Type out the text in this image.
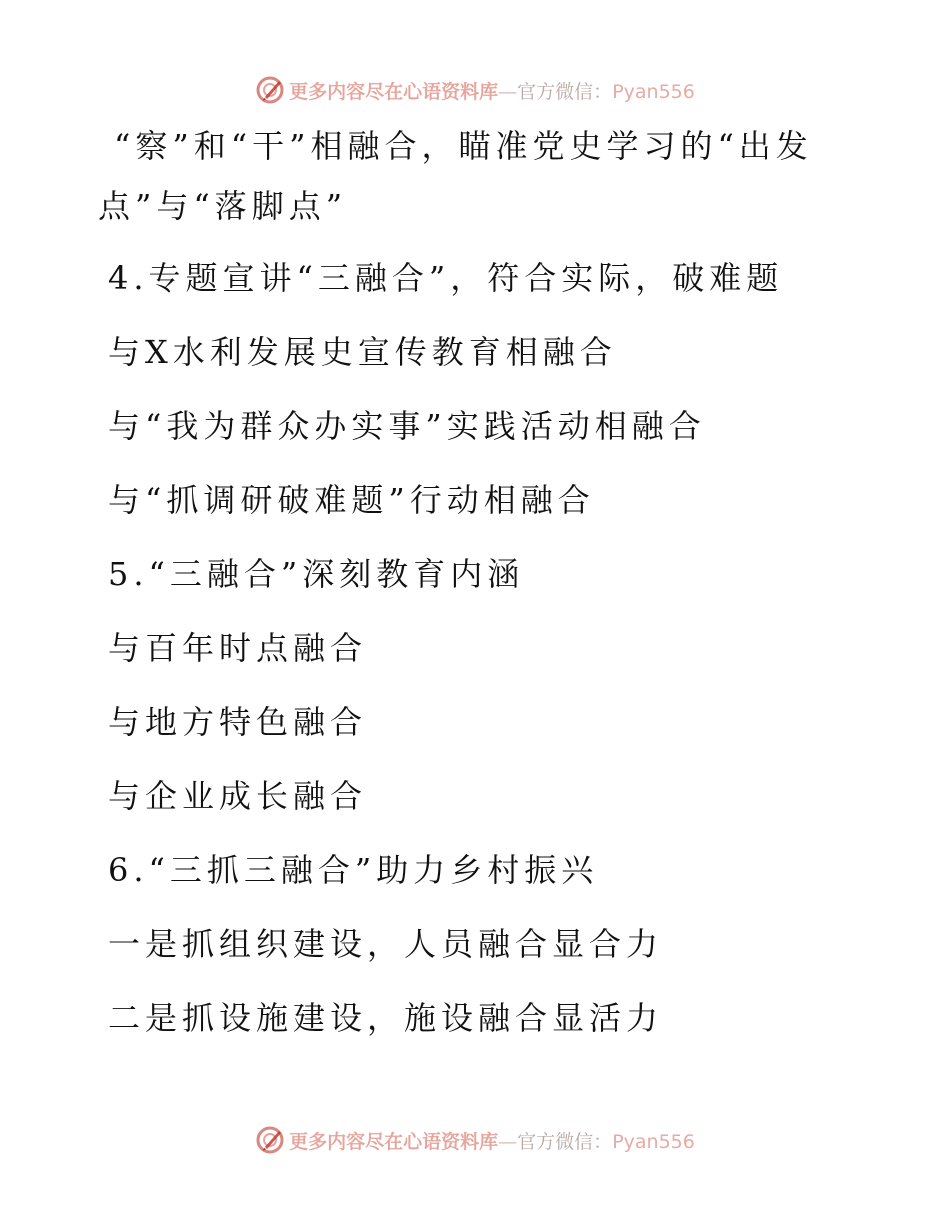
更多内容尽在心语资料库—官方微信：Pyan556
“察”和“干”相融合，瞄准党史学习的“出发
点”与“落脚点”
4.专题宣讲“三融合”，符合实际，破难题
与X水利发展史宣传教育相融合
与“我为群众办实事”实践活动相融合
与“抓调研破难题”行动相融合
5.“三融合”深刻教育内涵
与百年时点融合
与地方特色融合
与企业成长融合
6.“三抓三融合”助力乡村振兴
一是抓组织建设，人员融合显合力
二是抓设施建设，施设融合显活力
更多内容尽在心语资料库—官方微信：Pyan556
